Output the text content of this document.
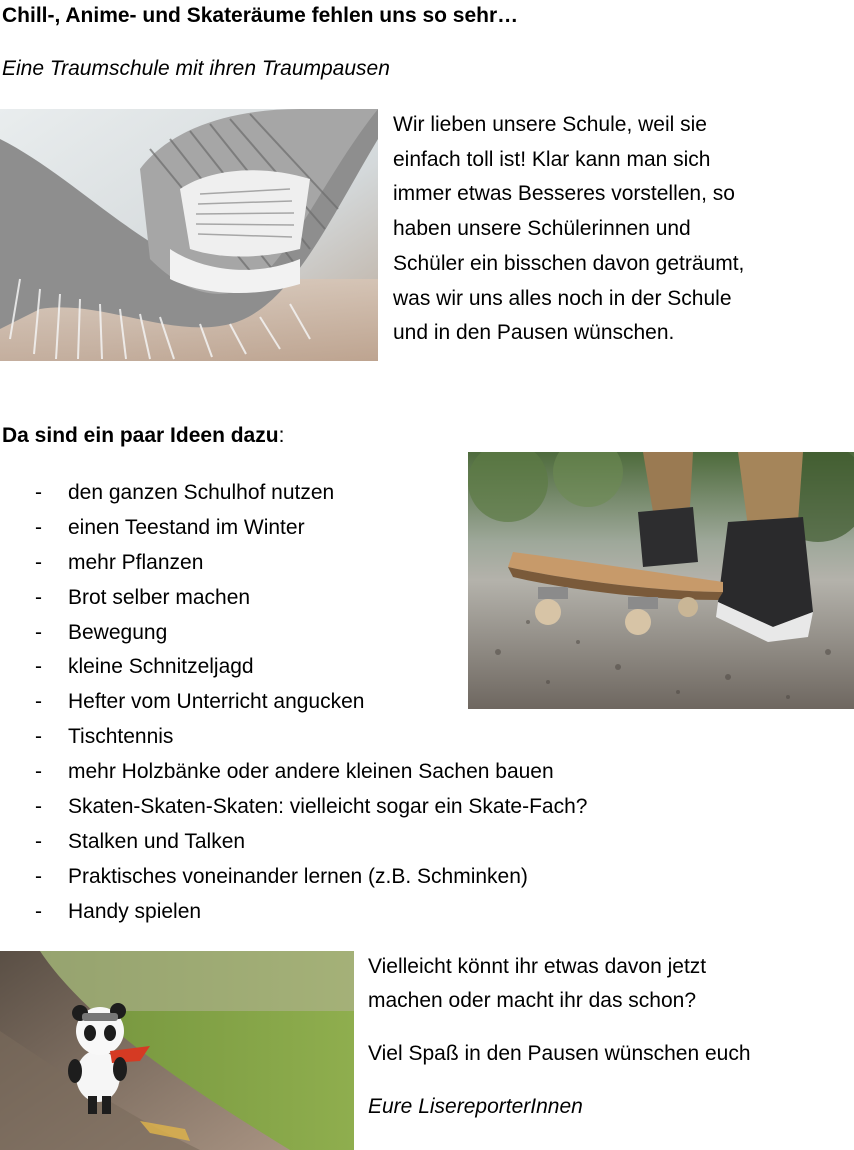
Chill-, Anime- und Skateräume fehlen uns so sehr…
Eine Traumschule mit ihren Traumpausen
Wir lieben unsere Schule, weil sie
einfach toll ist! Klar kann man sich
immer etwas Besseres vorstellen, so
haben unsere Schülerinnen und
Schüler ein bisschen davon geträumt,
was wir uns alles noch in der Schule
und in den Pausen wünschen.
Da sind ein paar Ideen dazu:
- den ganzen Schulhof nutzen
- einen Teestand im Winter
- mehr Pflanzen
- Brot selber machen
- Bewegung
- kleine Schnitzeljagd
- Hefter vom Unterricht angucken
- Tischtennis
- mehr Holzbänke oder andere kleinen Sachen bauen
- Skaten-Skaten-Skaten: vielleicht sogar ein Skate-Fach?
- Stalken und Talken
- Praktisches voneinander lernen (z.B. Schminken)
- Handy spielen

Vielleicht könnt ihr etwas davon jetzt

machen oder macht ihr das schon?

Viel Spaß in den Pausen wünschen euch

Eure LisereporterInnen
